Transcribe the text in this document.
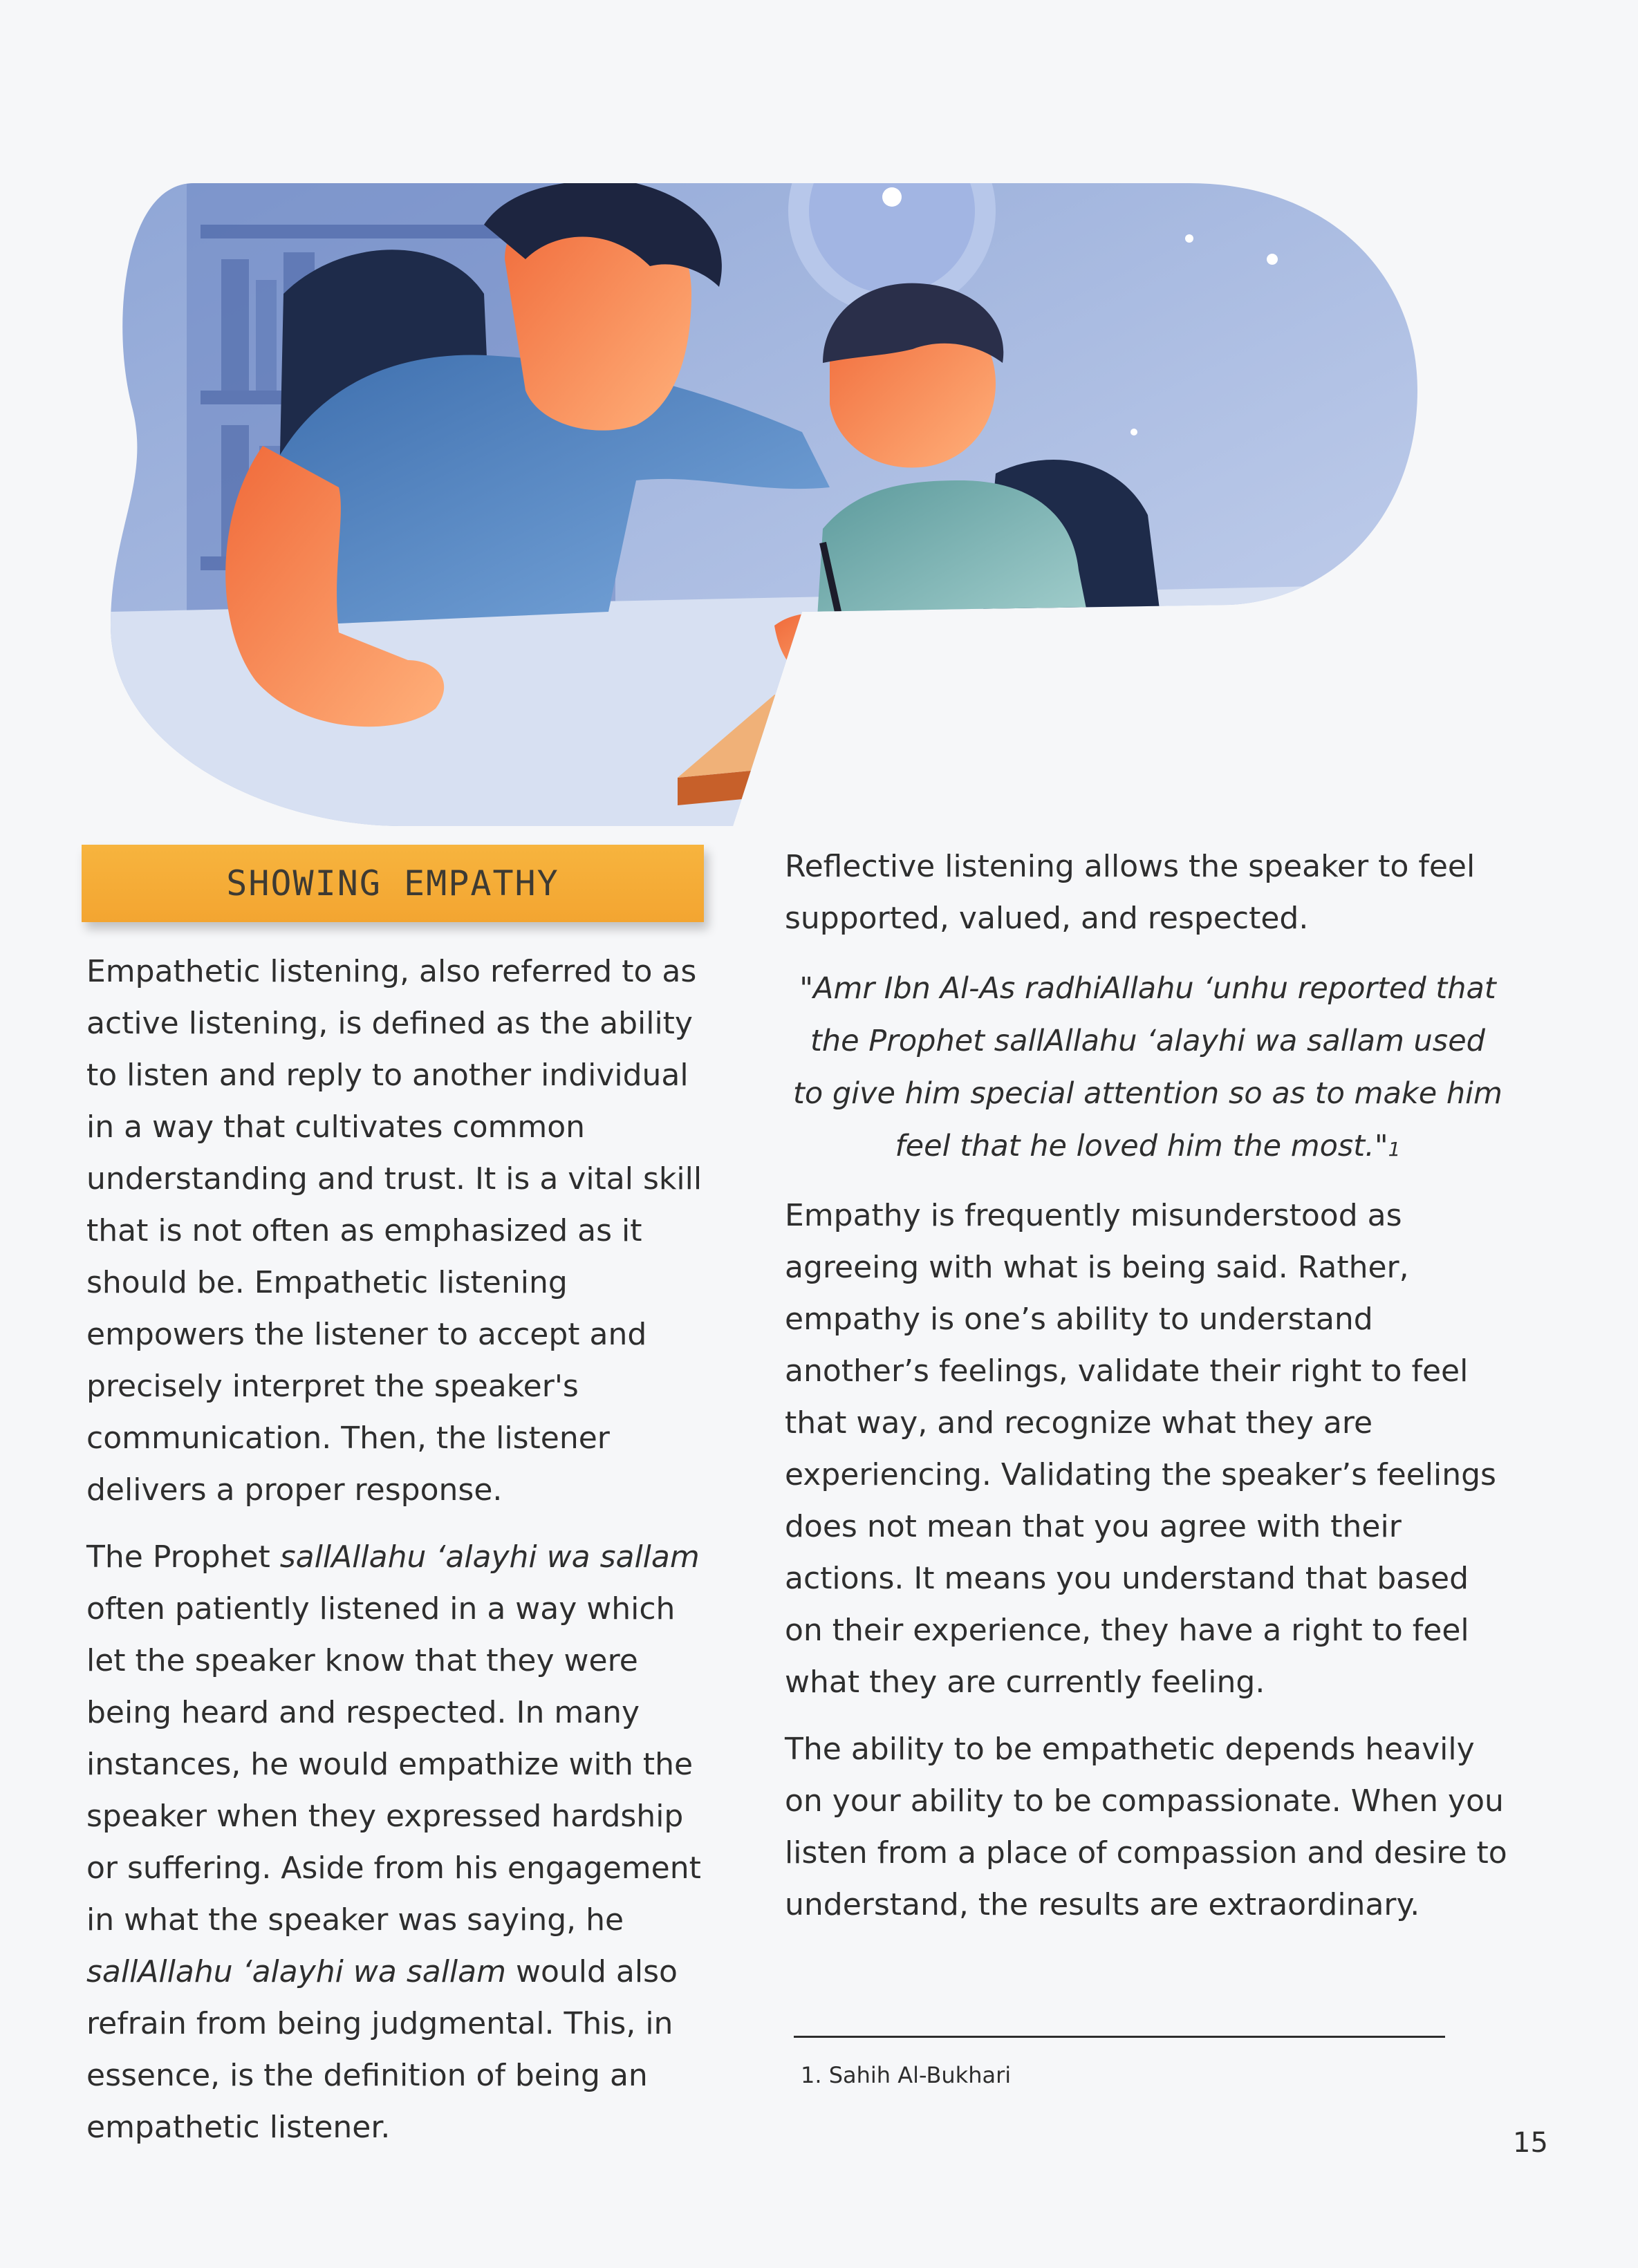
SHOWING EMPATHY

Empathetic listening, also referred to as active listening, is defined as the ability to listen and reply to another individual in a way that cultivates common understanding and trust. It is a vital skill that is not often as emphasized as it should be. Empathetic listening empowers the listener to accept and precisely interpret the speaker's communication. Then, the listener delivers a proper response.

The Prophet sallAllahu ‘alayhi wa sallam often patiently listened in a way which let the speaker know that they were being heard and respected. In many instances, he would empathize with the speaker when they expressed hardship or suffering. Aside from his engagement in what the speaker was saying, he sallAllahu ‘alayhi wa sallam would also refrain from being judgmental. This, in essence, is the definition of being an empathetic listener.

Reflective listening allows the speaker to feel supported, valued, and respected.

"Amr Ibn Al-As radhiAllahu ‘unhu reported that the Prophet sallAllahu ‘alayhi wa sallam used to give him special attention so as to make him feel that he loved him the most."1

Empathy is frequently misunderstood as agreeing with what is being said. Rather, empathy is one’s ability to understand another’s feelings, validate their right to feel that way, and recognize what they are experiencing. Validating the speaker’s feelings does not mean that you agree with their actions. It means you understand that based on their experience, they have a right to feel what they are currently feeling.

The ability to be empathetic depends heavily on your ability to be compassionate. When you listen from a place of compassion and desire to understand, the results are extraordinary.

1. Sahih Al-Bukhari
15
